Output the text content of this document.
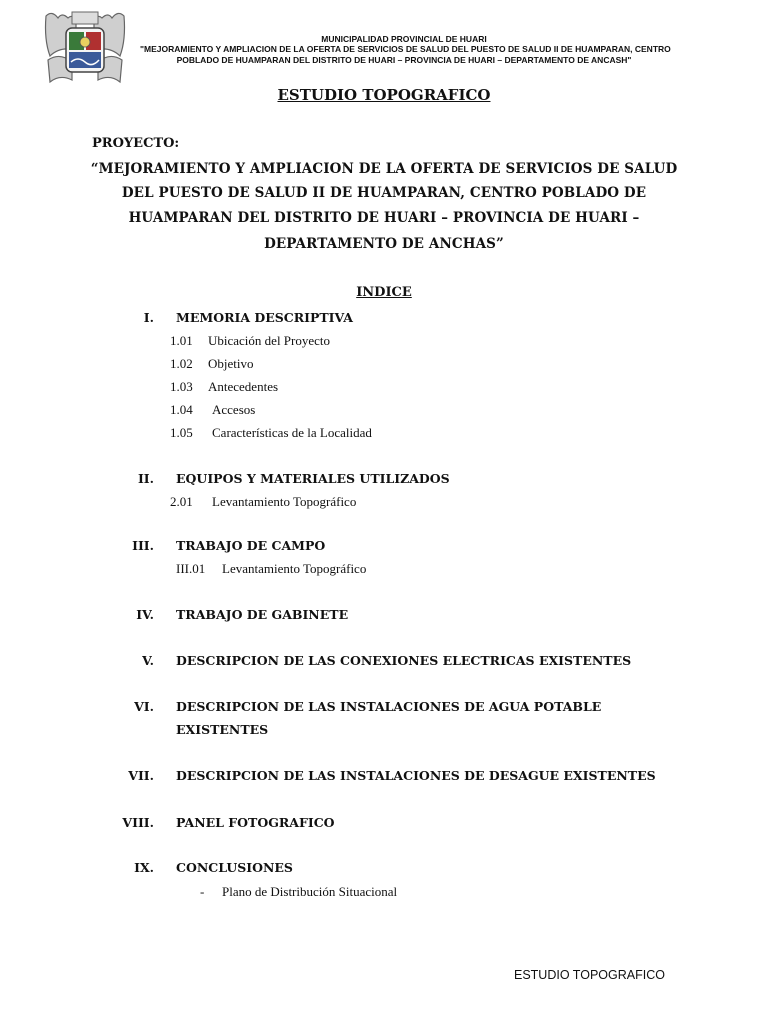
MUNICIPALIDAD PROVINCIAL DE HUARI
"MEJORAMIENTO Y AMPLIACION DE LA OFERTA DE SERVICIOS DE SALUD DEL PUESTO DE SALUD II DE HUAMPARAN, CENTRO
POBLADO DE HUAMPARAN DEL DISTRITO DE HUARI – PROVINCIA DE HUARI – DEPARTAMENTO DE ANCASH"
ESTUDIO TOPOGRAFICO
PROYECTO:
“MEJORAMIENTO Y AMPLIACION DE LA OFERTA DE SERVICIOS DE SALUD
DEL PUESTO DE SALUD II DE HUAMPARAN, CENTRO POBLADO DE
HUAMPARAN DEL DISTRITO DE HUARI – PROVINCIA DE HUARI –
DEPARTAMENTO DE ANCHAS”
INDICE
I. MEMORIA DESCRIPTIVA
1.01 Ubicación del Proyecto
1.02 Objetivo
1.03 Antecedentes
1.04 Accesos
1.05 Características de la Localidad
II. EQUIPOS Y MATERIALES UTILIZADOS
2.01 Levantamiento Topográfico
III. TRABAJO DE CAMPO
III.01 Levantamiento Topográfico
IV. TRABAJO DE GABINETE
V. DESCRIPCION DE LAS CONEXIONES ELECTRICAS EXISTENTES
VI. DESCRIPCION DE LAS INSTALACIONES DE AGUA POTABLE
EXISTENTES
VII. DESCRIPCION DE LAS INSTALACIONES DE DESAGUE EXISTENTES
VIII. PANEL FOTOGRAFICO
IX. CONCLUSIONES
- Plano de Distribución Situacional
ESTUDIO TOPOGRAFICO
